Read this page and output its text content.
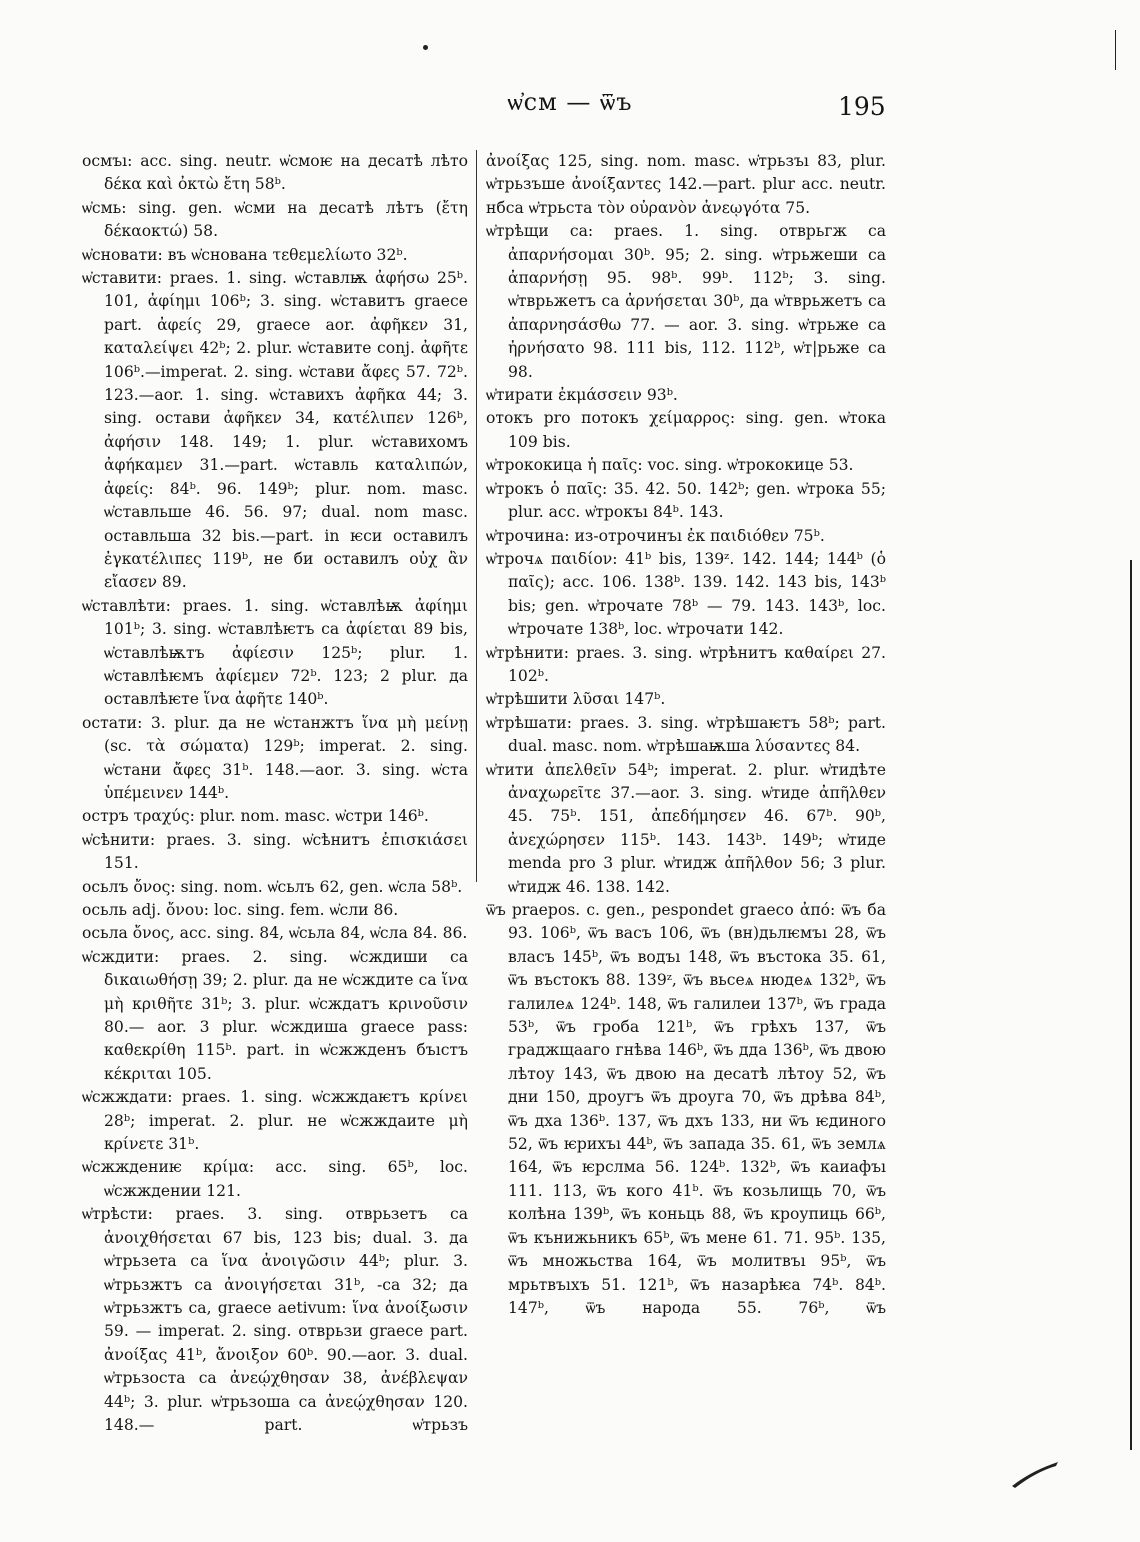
ѡ҆см — ѿъ	195

осмъı: acc. sing. neutr. ѡ҆смоѥ на десатѣ лѣто δέκα καὶ ὀκτὼ ἔτη 58ᵇ.

ѡ҆смь: sing. gen. ѡ҆сми на десатѣ лѣтъ (ἔτη δέκαοκτώ) 58.

ѡ҆сновати: въ ѡ҆снована τεθεμελίωτο 32ᵇ.

ѡ҆ставити: praes. 1. sing. ѡ҆ставлѭ ἀφήσω 25ᵇ. 101, ἀφίημι 106ᵇ; 3. sing. ѡ҆ставитъ graece part. ἀφείς 29, graece aor. ἀφῆκεν 31, καταλείψει 42ᵇ; 2. plur. ѡ҆ставите conj. ἀφῆτε 106ᵇ.—imperat. 2. sing. ѡ҆стави ἄφες 57. 72ᵇ. 123.—aor. 1. sing. ѡ҆ставихъ ἀφῆκα 44; 3. sing. остави ἀφῆκεν 34, κατέλιπεν 126ᵇ, ἀφήσιν 148. 149; 1. plur. ѡ҆ставихомъ ἀφήκαμεν 31.—part. ѡ҆ставль καταλιπών, ἀφείς: 84ᵇ. 96. 149ᵇ; plur. nom. masc. ѡ҆ставльше 46. 56. 97; dual. nom masc. оставльша 32 bis.—part. in ѥси оставилъ ἐγκατέλιπες 119ᵇ, не би оставилъ οὐχ ἂν εἴασεν 89.

ѡ҆ставлѣти: praes. 1. sing. ѡ҆ставлѣѭ ἀφίημι 101ᵇ; 3. sing. ѡ҆ставлѣѥтъ са ἀφίεται 89 bis, ѡ҆ставлѣѭтъ ἀφίεσιν 125ᵇ; plur. 1. ѡ҆ставлѣѥмъ ἀφίεμεν 72ᵇ. 123; 2 plur. да оставлѣѥте ἵνα ἀφῆτε 140ᵇ.

остати: 3. plur. да не ѡ҆станжтъ ἵνα μὴ μείνῃ (sc. τὰ σώματα) 129ᵇ; imperat. 2. sing. ѡ҆стани ἄφες 31ᵇ. 148.—aor. 3. sing. ѡ҆ста ὑπέμεινεν 144ᵇ.

остръ τραχύς: plur. nom. masc. ѡ҆стри 146ᵇ.

ѡ҆сѣнити: praes. 3. sing. ѡ҆сѣнитъ ἐπισκιάσει 151.

осьлъ ὄνος: sing. nom. ѡ҆сьлъ 62, gen. ѡ҆сла 58ᵇ.

осьль adj. ὄνου: loc. sing. fem. ѡ҆сли 86.

осьла ὄνος, acc. sing. 84, ѡ҆сьла 84, ѡ҆сла 84. 86.

ѡ҆сждити: praes. 2. sing. ѡ҆сждиши са δικαιωθήσῃ 39; 2. plur. да не ѡ҆сждите са ἵνα μὴ κριθῆτε 31ᵇ; 3. plur. ѡ҆сждатъ κρινοῦσιν 80.— aor. 3 plur. ѡ҆сждиша graece pass: καθεκρίθη 115ᵇ. part. in ѡ҆сжжденъ бъıстъ κέκριται 105.

ѡ҆сжждати: praes. 1. sing. ѡ҆сжждаѥтъ κρίνει 28ᵇ; imperat. 2. plur. не ѡ҆сжждаите μὴ κρίνετε 31ᵇ.

ѡ҆сжждениѥ κρίμα: acc. sing. 65ᵇ, loc. ѡ҆сжждении 121.

ѡ҆трѣсти: praes. 3. sing. отврьзетъ са ἀνοιχθήσεται 67 bis, 123 bis; dual. 3. да ѡ҆трьзета са ἵνα ἀνοιγῶσιν 44ᵇ; plur. 3. ѡ҆трьзжтъ са ἀνοιγήσεται 31ᵇ, -са 32; да ѡ҆трьзжтъ са, graece aetivum: ἵνα ἀνοίξωσιν 59. — imperat. 2. sing. отврьзи graece part. ἀνοίξας 41ᵇ, ἄνοιξον 60ᵇ. 90.—aor. 3. dual. ѡ҆трьзоста са ἀνεῴχθησαν 38, ἀνέβλεψαν 44ᵇ; 3. plur. ѡ҆трьзоша са ἀνεῴχθησαν 120. 148.— part. ѡ҆трьзъ

ἀνοίξας 125, sing. nom. masc. ѡ҆трьзъı 83, plur. ѡ҆трьзъше ἀνοίξαντες 142.—part. plur acc. neutr. нбса ѡ҆трьста τὸν οὐρανὸν ἀνεῳγότα 75.

ѡ҆трѣщи са: praes. 1. sing. отврьгж са ἀπαρνήσομαι 30ᵇ. 95; 2. sing. ѡ҆трьжеши са ἀπαρνήσῃ 95. 98ᵇ. 99ᵇ. 112ᵇ; 3. sing. ѡ҆тврьжетъ са ἀρνήσεται 30ᵇ, да ѡ҆тврьжетъ са ἀπαρνησάσθω 77. — aor. 3. sing. ѡ҆трьже са ἠρνήσατο 98. 111 bis, 112. 112ᵇ, ѡ҆т|рьже са 98.

ѡ҆тирати ἐκμάσσειν 93ᵇ.

отокъ pro потокъ χείμαρρος: sing. gen. ѡ҆тока 109 bis.

ѡ҆трококица ἡ παῖς: voc. sing. ѡ҆трококице 53.

ѡ҆трокъ ὁ παῖς: 35. 42. 50. 142ᵇ; gen. ѡ҆трока 55; plur. acc. ѡ҆трокъı 84ᵇ. 143.

ѡ҆трочина: из-отрочинъı ἐκ παιδιόθεν 75ᵇ.

ѡ҆трочѧ παιδίον: 41ᵇ bis, 139ᶻ. 142. 144; 144ᵇ (ὁ παῖς); acc. 106. 138ᵇ. 139. 142. 143 bis, 143ᵇ bis; gen. ѡ҆трочате 78ᵇ — 79. 143. 143ᵇ, loc. ѡ҆трочате 138ᵇ, loc. ѡ҆трочати 142.

ѡ҆трѣнити: praes. 3. sing. ѡ҆трѣнитъ καθαίρει 27. 102ᵇ.

ѡ҆трѣшити λῦσαι 147ᵇ.

ѡ҆трѣшати: praes. 3. sing. ѡ҆трѣшаѥтъ 58ᵇ; part. dual. masc. nom. ѡ҆трѣшаѭша λύσαντες 84.

ѡ҆тити ἀπελθεῖν 54ᵇ; imperat. 2. plur. ѡ҆тидѣте ἀναχωρεῖτε 37.—aor. 3. sing. ѡ҆тиде ἀπῆλθεν 45. 75ᵇ. 151, ἀπεδήμησεν 46. 67ᵇ. 90ᵇ, ἀνεχώρησεν 115ᵇ. 143. 143ᵇ. 149ᵇ; ѡ҆тиде menda pro 3 plur. ѡ҆тидж ἀπῆλθον 56; 3 plur. ѡ҆тидж 46. 138. 142.

ѿъ praepos. c. gen., pespondet graeco ἀπό: ѿъ ба 93. 106ᵇ, ѿъ васъ 106, ѿъ (вн)дьлѥмъı 28, ѿъ власъ 145ᵇ, ѿъ водъı 148, ѿъ въстока 35. 61, ѿъ въстокъ 88. 139ᶻ, ѿъ вьсеѧ нюдеѧ 132ᵇ, ѿъ галилеѧ 124ᵇ. 148, ѿъ галилеи 137ᵇ, ѿъ града 53ᵇ, ѿъ гроба 121ᵇ, ѿъ грѣхъ 137, ѿъ граджщааго гнѣва 146ᵇ, ѿъ дда 136ᵇ, ѿъ двою лѣтоу 143, ѿъ двою на десатѣ лѣтоу 52, ѿъ дни 150, дроугъ ѿъ дроуга 70, ѿъ дрѣва 84ᵇ, ѿъ дха 136ᵇ. 137, ѿъ дхъ 133, ни ѿъ ѥдиного 52, ѿъ ѥрихъı 44ᵇ, ѿъ запада 35. 61, ѿъ землѧ 164, ѿъ ѥрслма 56. 124ᵇ. 132ᵇ, ѿъ каиафъı 111. 113, ѿъ кого 41ᵇ. ѿъ козьлищь 70, ѿъ колѣна 139ᵇ, ѿъ коньць 88, ѿъ кроупиць 66ᵇ, ѿъ кънижьникъ 65ᵇ, ѿъ мене 61. 71. 95ᵇ. 135, ѿъ множьства 164, ѿъ молитвъı 95ᵇ, ѿъ мрьтвъıхъ 51. 121ᵇ, ѿъ назарѣѥа 74ᵇ. 84ᵇ. 147ᵇ, ѿъ народа 55. 76ᵇ, ѿъ
